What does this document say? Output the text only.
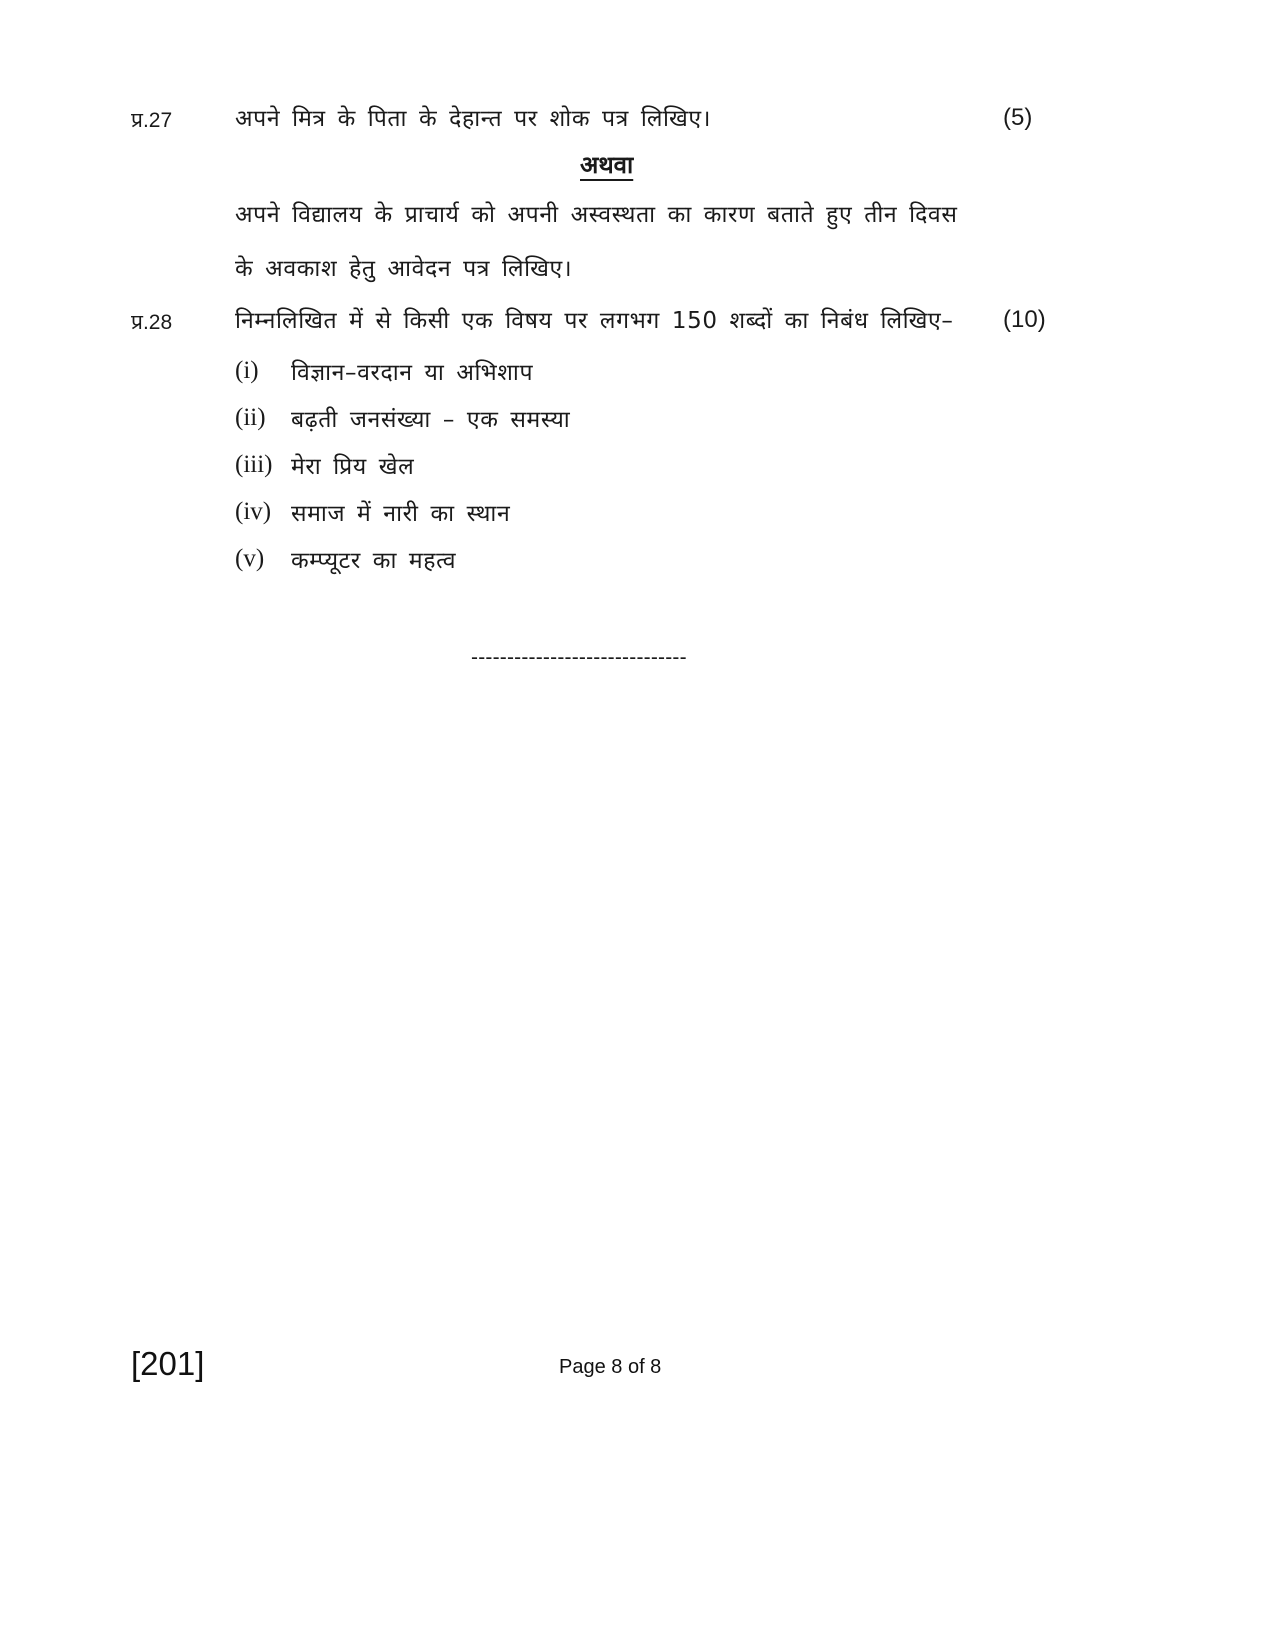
प्र.27	अपने मित्र के पिता के देहान्त पर शोक पत्र लिखिए।	(5)
अथवा
अपने विद्यालय के प्राचार्य को अपनी अस्वस्थता का कारण बताते हुए तीन दिवस
के अवकाश हेतु आवेदन पत्र लिखिए।
प्र.28	निम्नलिखित में से किसी एक विषय पर लगभग 150 शब्दों का निबंध लिखिए– (10)
(i) विज्ञान–वरदान या अभिशाप
(ii) बढ़ती जनसंख्या – एक समस्या
(iii) मेरा प्रिय खेल
(iv) समाज में नारी का स्थान
(v) कम्प्यूटर का महत्व
------------------------------
[201]	Page 8 of 8
